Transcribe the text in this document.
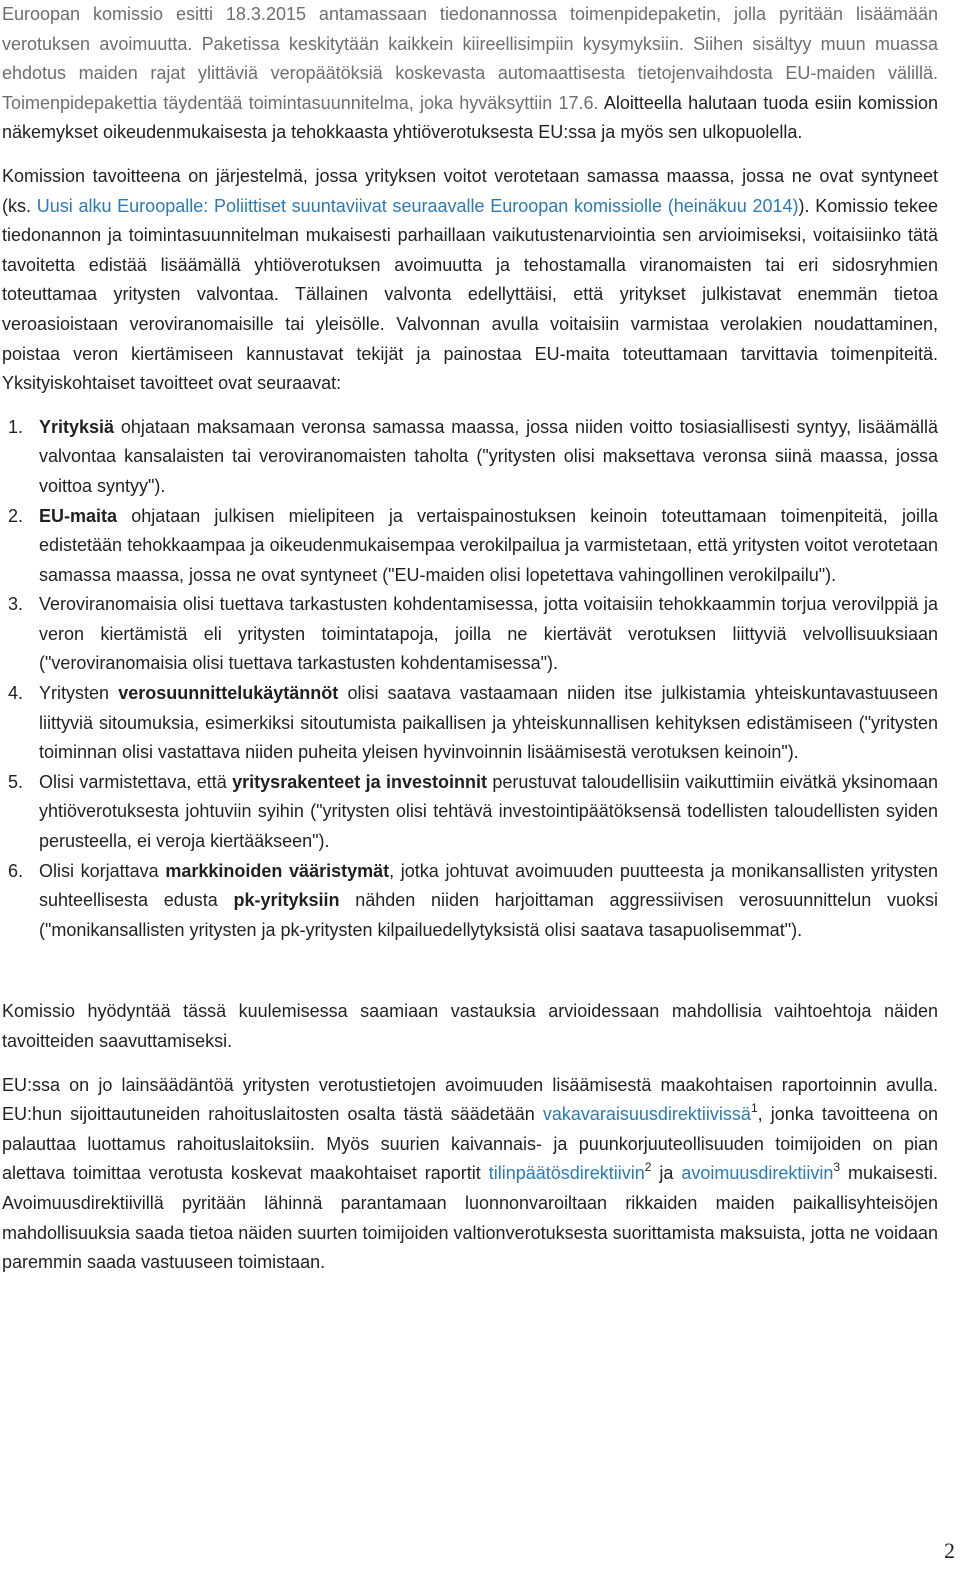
Euroopan komissio esitti 18.3.2015 antamassaan tiedonannossa toimenpidepaketin, jolla pyritään lisäämään verotuksen avoimuutta. Paketissa keskitytään kaikkein kiireellisimpiin kysymyksiin. Siihen sisältyy muun muassa ehdotus maiden rajat ylittäviä veropäätöksiä koskevasta automaattisesta tietojenvaihdosta EU-maiden välillä. Toimenpidepakettia täydentää toimintasuunnitelma, joka hyväksyttiin 17.6. Aloitteella halutaan tuoda esiin komission näkemykset oikeudenmukaisesta ja tehokkaasta yhtiöverotuksesta EU:ssa ja myös sen ulkopuolella.

Komission tavoitteena on järjestelmä, jossa yrityksen voitot verotetaan samassa maassa, jossa ne ovat syntyneet (ks. Uusi alku Euroopalle: Poliittiset suuntaviivat seuraavalle Euroopan komissiolle (heinäkuu 2014)). Komissio tekee tiedonannon ja toimintasuunnitelman mukaisesti parhaillaan vaikutustenarviointia sen arvioimiseksi, voitaisiinko tätä tavoitetta edistää lisäämällä yhtiöverotuksen avoimuutta ja tehostamalla viranomaisten tai eri sidosryhmien toteuttamaa yritysten valvontaa. Tällainen valvonta edellyttäisi, että yritykset julkistavat enemmän tietoa veroasioistaan veroviranomaisille tai yleisölle. Valvonnan avulla voitaisiin varmistaa verolakien noudattaminen, poistaa veron kiertämiseen kannustavat tekijät ja painostaa EU-maita toteuttamaan tarvittavia toimenpiteitä. Yksityiskohtaiset tavoitteet ovat seuraavat:

1. Yrityksiä ohjataan maksamaan veronsa samassa maassa, jossa niiden voitto tosiasiallisesti syntyy, lisäämällä valvontaa kansalaisten tai veroviranomaisten taholta ("yritysten olisi maksettava veronsa siinä maassa, jossa voittoa syntyy").
2. EU-maita ohjataan julkisen mielipiteen ja vertaispainostuksen keinoin toteuttamaan toimenpiteitä, joilla edistetään tehokkaampaa ja oikeudenmukaisempaa verokilpailua ja varmistetaan, että yritysten voitot verotetaan samassa maassa, jossa ne ovat syntyneet ("EU-maiden olisi lopetettava vahingollinen verokilpailu").
3. Veroviranomaisia olisi tuettava tarkastusten kohdentamisessa, jotta voitaisiin tehokkaammin torjua verovilppiä ja veron kiertämistä eli yritysten toimintatapoja, joilla ne kiertävät verotuksen liittyviä velvollisuuksiaan ("veroviranomaisia olisi tuettava tarkastusten kohdentamisessa").
4. Yritysten verosuunnittelukäytännöt olisi saatava vastaamaan niiden itse julkistamia yhteiskuntavastuuseen liittyviä sitoumuksia, esimerkiksi sitoutumista paikallisen ja yhteiskunnallisen kehityksen edistämiseen ("yritysten toiminnan olisi vastattava niiden puheita yleisen hyvinvoinnin lisäämisestä verotuksen keinoin").
5. Olisi varmistettava, että yritysrakenteet ja investoinnit perustuvat taloudellisiin vaikuttimiin eivätkä yksinomaan yhtiöverotuksesta johtuviin syihin ("yritysten olisi tehtävä investointipäätöksensä todellisten taloudellisten syiden perusteella, ei veroja kiertääkseen").
6. Olisi korjattava markkinoiden vääristymät, jotka johtuvat avoimuuden puutteesta ja monikansallisten yritysten suhteellisesta edusta pk-yrityksiin nähden niiden harjoittaman aggressiivisen verosuunnittelun vuoksi ("monikansallisten yritysten ja pk-yritysten kilpailuedellytyksistä olisi saatava tasapuolisemmat").

Komissio hyödyntää tässä kuulemisessa saamiaan vastauksia arvioidessaan mahdollisia vaihtoehtoja näiden tavoitteiden saavuttamiseksi.

EU:ssa on jo lainsäädäntöä yritysten verotustietojen avoimuuden lisäämisestä maakohtaisen raportoinnin avulla. EU:hun sijoittautuneiden rahoituslaitosten osalta tästä säädetään vakavaraisuusdirektiivissä$^1$, jonka tavoitteena on palauttaa luottamus rahoituslaitoksiin. Myös suurien kaivannais- ja puunkorjuuteollisuuden toimijoiden on pian alettava toimittaa verotusta koskevat maakohtaiset raportit tilinpäätösdirektiivin$^2$ ja avoimuusdirektiivin$^3$ mukaisesti. Avoimuusdirektiivillä pyritään lähinnä parantamaan luonnonvaroiltaan rikkaiden maiden paikallisyhteisöjen mahdollisuuksia saada tietoa näiden suurten toimijoiden valtionverotuksesta suorittamista maksuista, jotta ne voidaan paremmin saada vastuuseen toimistaan.

2
